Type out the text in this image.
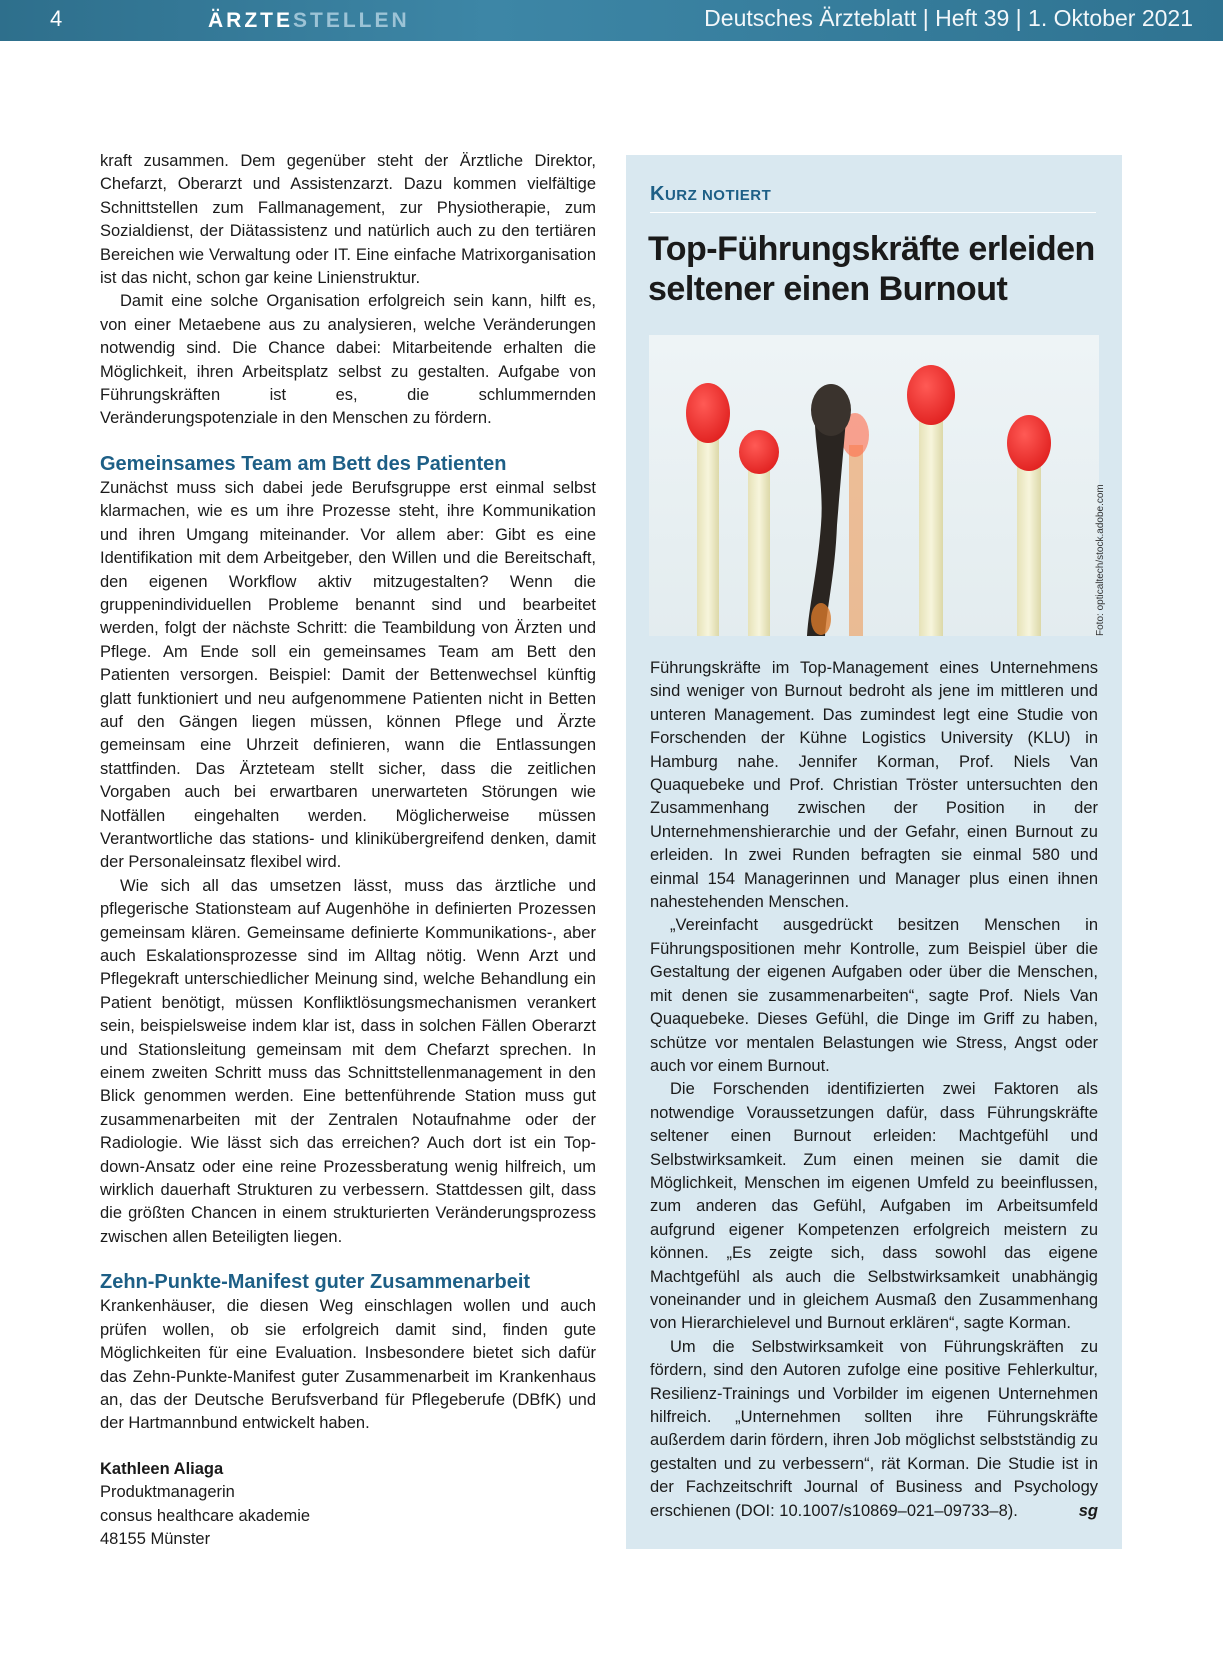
4	ÄRZTESTELLEN	Deutsches Ärzteblatt | Heft 39 | 1. Oktober 2021

kraft zusammen. Dem gegenüber steht der Ärztliche Direktor, Chefarzt, Oberarzt und Assistenzarzt. Dazu kommen vielfältige Schnittstellen zum Fallmanagement, zur Physiotherapie, zum Sozialdienst, der Diätassistenz und natürlich auch zu den tertiären Bereichen wie Verwaltung oder IT. Eine einfache Matrixorganisation ist das nicht, schon gar keine Linienstruktur.

Damit eine solche Organisation erfolgreich sein kann, hilft es, von einer Metaebene aus zu analysieren, welche Veränderungen notwendig sind. Die Chance dabei: Mitarbeitende erhalten die Möglichkeit, ihren Arbeitsplatz selbst zu gestalten. Aufgabe von Führungskräften ist es, die schlummernden Veränderungspotenziale in den Menschen zu fördern.

Gemeinsames Team am Bett des Patienten

Zunächst muss sich dabei jede Berufsgruppe erst einmal selbst klarmachen, wie es um ihre Prozesse steht, ihre Kommunikation und ihren Umgang miteinander. Vor allem aber: Gibt es eine Identifikation mit dem Arbeitgeber, den Willen und die Bereitschaft, den eigenen Workflow aktiv mitzugestalten? Wenn die gruppenindividuellen Probleme benannt sind und bearbeitet werden, folgt der nächste Schritt: die Teambildung von Ärzten und Pflege. Am Ende soll ein gemeinsames Team am Bett den Patienten versorgen. Beispiel: Damit der Bettenwechsel künftig glatt funktioniert und neu aufgenommene Patienten nicht in Betten auf den Gängen liegen müssen, können Pflege und Ärzte gemeinsam eine Uhrzeit definieren, wann die Entlassungen stattfinden. Das Ärzteteam stellt sicher, dass die zeitlichen Vorgaben auch bei erwartbaren unerwarteten Störungen wie Notfällen eingehalten werden. Möglicherweise müssen Verantwortliche das stations- und klinikübergreifend denken, damit der Personaleinsatz flexibel wird.

Wie sich all das umsetzen lässt, muss das ärztliche und pflegerische Stationsteam auf Augenhöhe in definierten Prozessen gemeinsam klären. Gemeinsame definierte Kommunikations-, aber auch Eskalationsprozesse sind im Alltag nötig. Wenn Arzt und Pflegekraft unterschiedlicher Meinung sind, welche Behandlung ein Patient benötigt, müssen Konfliktlösungsmechanismen verankert sein, beispielsweise indem klar ist, dass in solchen Fällen Oberarzt und Stationsleitung gemeinsam mit dem Chefarzt sprechen. In einem zweiten Schritt muss das Schnittstellenmanagement in den Blick genommen werden. Eine bettenführende Station muss gut zusammenarbeiten mit der Zentralen Notaufnahme oder der Radiologie. Wie lässt sich das erreichen? Auch dort ist ein Top-down-Ansatz oder eine reine Prozessberatung wenig hilfreich, um wirklich dauerhaft Strukturen zu verbessern. Stattdessen gilt, dass die größten Chancen in einem strukturierten Veränderungsprozess zwischen allen Beteiligten liegen.

Zehn-Punkte-Manifest guter Zusammenarbeit

Krankenhäuser, die diesen Weg einschlagen wollen und auch prüfen wollen, ob sie erfolgreich damit sind, finden gute Möglichkeiten für eine Evaluation. Insbesondere bietet sich dafür das Zehn-Punkte-Manifest guter Zusammenarbeit im Krankenhaus an, das der Deutsche Berufsverband für Pflegeberufe (DBfK) und der Hartmannbund entwickelt haben.

Kathleen Aliaga
Produktmanagerin
consus healthcare akademie
48155 Münster
KURZ NOTIERT
Top-Führungskräfte erleiden seltener einen Burnout
Foto: opticaltech/stock.adobe.com

Führungskräfte im Top-Management eines Unternehmens sind weniger von Burnout bedroht als jene im mittleren und unteren Management. Das zumindest legt eine Studie von Forschenden der Kühne Logistics University (KLU) in Hamburg nahe. Jennifer Korman, Prof. Niels Van Quaquebeke und Prof. Christian Tröster untersuchten den Zusammenhang zwischen der Position in der Unternehmenshierarchie und der Gefahr, einen Burnout zu erleiden. In zwei Runden befragten sie einmal 580 und einmal 154 Managerinnen und Manager plus einen ihnen nahestehenden Menschen.

„Vereinfacht ausgedrückt besitzen Menschen in Führungspositionen mehr Kontrolle, zum Beispiel über die Gestaltung der eigenen Aufgaben oder über die Menschen, mit denen sie zusammenarbeiten“, sagte Prof. Niels Van Quaquebeke. Dieses Gefühl, die Dinge im Griff zu haben, schütze vor mentalen Belastungen wie Stress, Angst oder auch vor einem Burnout.

Die Forschenden identifizierten zwei Faktoren als notwendige Voraussetzungen dafür, dass Führungskräfte seltener einen Burnout erleiden: Machtgefühl und Selbstwirksamkeit. Zum einen meinen sie damit die Möglichkeit, Menschen im eigenen Umfeld zu beeinflussen, zum anderen das Gefühl, Aufgaben im Arbeitsumfeld aufgrund eigener Kompetenzen erfolgreich meistern zu können. „Es zeigte sich, dass sowohl das eigene Machtgefühl als auch die Selbstwirksamkeit unabhängig voneinander und in gleichem Ausmaß den Zusammenhang von Hierarchielevel und Burnout erklären“, sagte Korman.

Um die Selbstwirksamkeit von Führungskräften zu fördern, sind den Autoren zufolge eine positive Fehlerkultur, Resilienz-Trainings und Vorbilder im eigenen Unternehmen hilfreich. „Unternehmen sollten ihre Führungskräfte außerdem darin fördern, ihren Job möglichst selbstständig zu gestalten und zu verbessern“, rät Korman. Die Studie ist in der Fachzeitschrift Journal of Business and Psychology erschienen (DOI: 10.1007/s10869–021–09733–8).	sg
